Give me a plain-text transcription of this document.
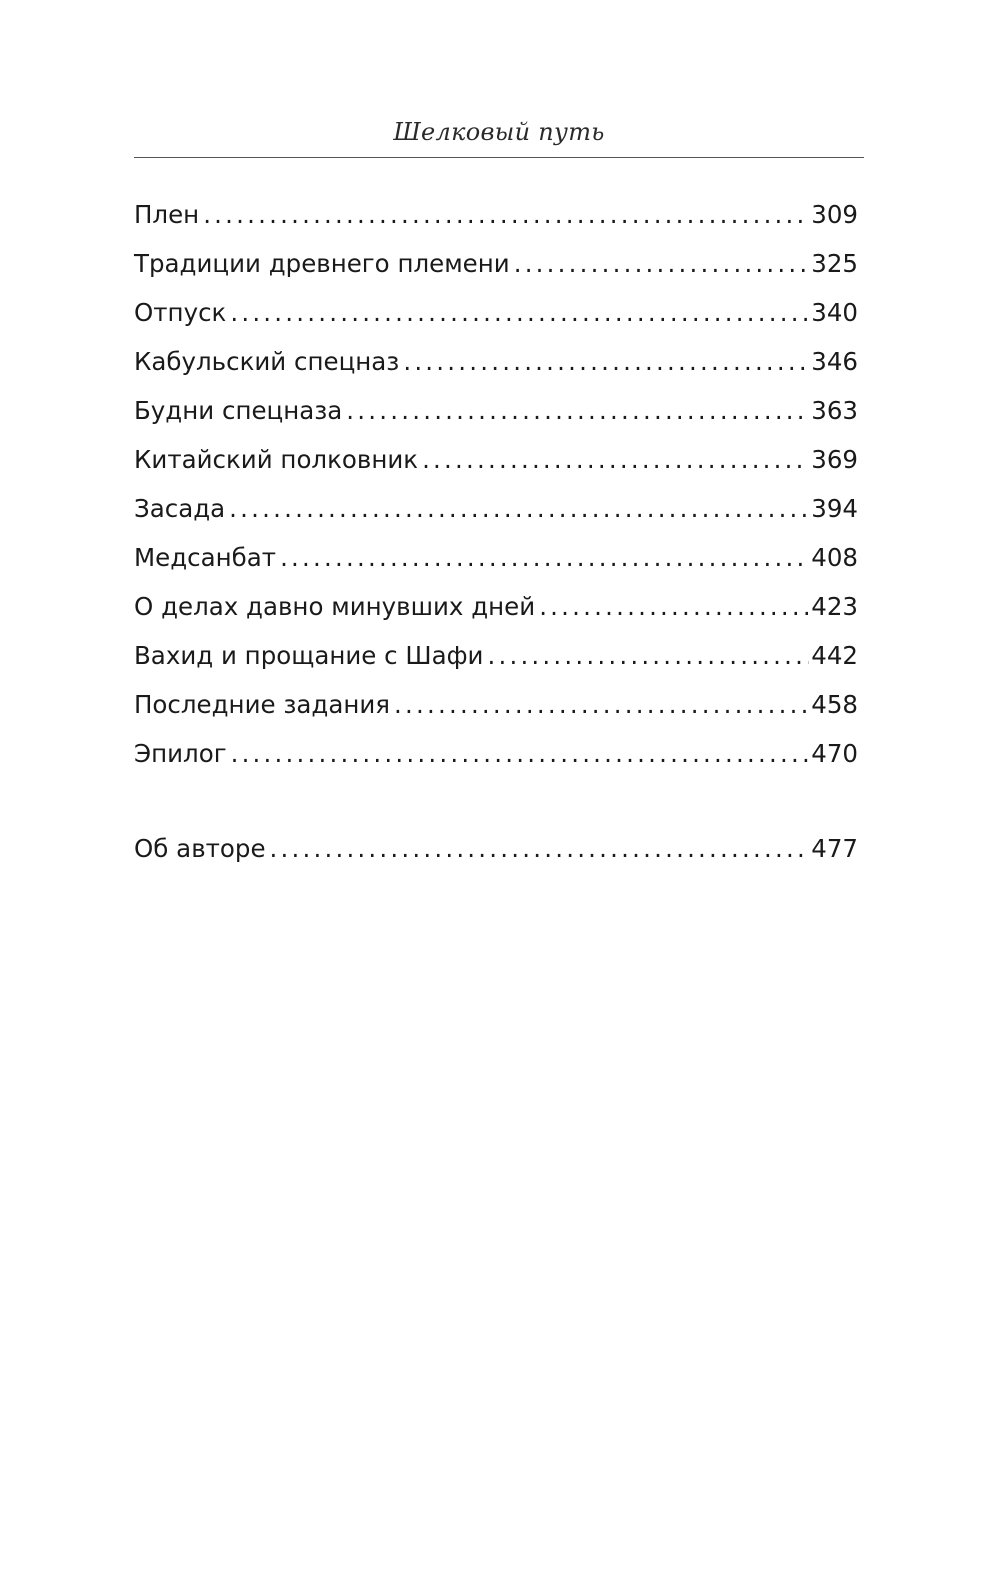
Шелковый путь
Плен .....	309
Традиции древнего племени .....	325
Отпуск .....	340
Кабульский спецназ .....	346
Будни спецназа .....	363
Китайский полковник .....	369
Засада .....	394
Медсанбат .....	408
О делах давно минувших дней .....	423
Вахид и прощание с Шафи .....	442
Последние задания .....	458
Эпилог .....	470
Об авторе .....	477
